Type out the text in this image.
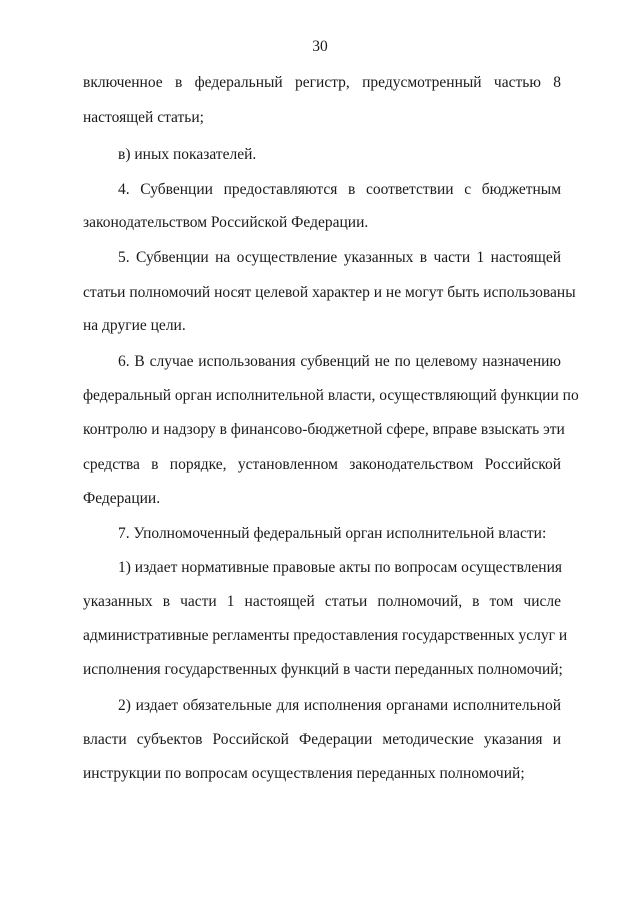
30
включенное в федеральный регистр, предусмотренный частью 8
настоящей статьи;
в) иных показателей.
4. Субвенции предоставляются в соответствии с бюджетным
законодательством Российской Федерации.
5. Субвенции на осуществление указанных в части 1 настоящей
статьи полномочий носят целевой характер и не могут быть использованы
на другие цели.
6. В случае использования субвенций не по целевому назначению
федеральный орган исполнительной власти, осуществляющий функции по
контролю и надзору в финансово-бюджетной сфере, вправе взыскать эти
средства в порядке, установленном законодательством Российской
Федерации.
7. Уполномоченный федеральный орган исполнительной власти:
1) издает нормативные правовые акты по вопросам осуществления
указанных в части 1 настоящей статьи полномочий, в том числе
административные регламенты предоставления государственных услуг и
исполнения государственных функций в части переданных полномочий;
2) издает обязательные для исполнения органами исполнительной
власти субъектов Российской Федерации методические указания и
инструкции по вопросам осуществления переданных полномочий;
